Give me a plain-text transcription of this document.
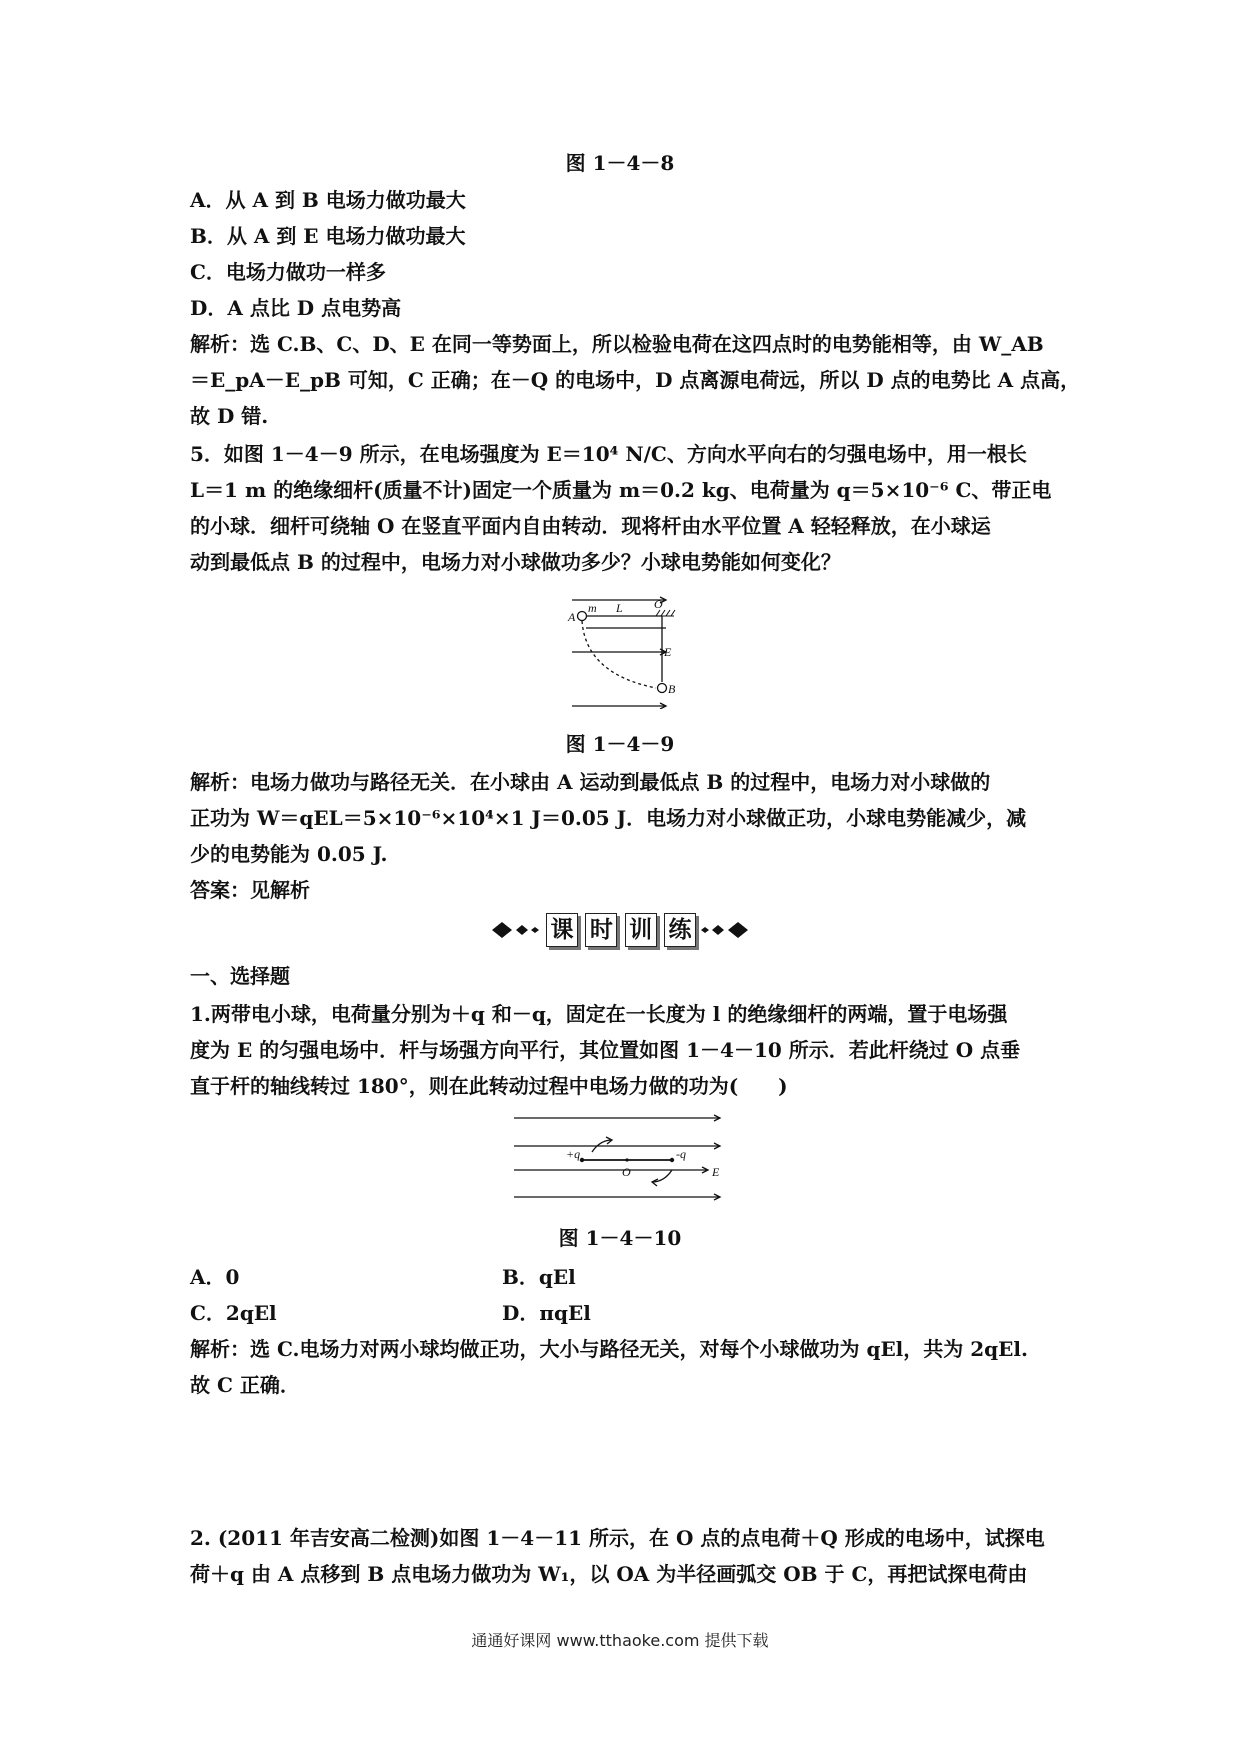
图 1－4－8
A．从 A 到 B 电场力做功最大
B．从 A 到 E 电场力做功最大
C．电场力做功一样多
D．A 点比 D 点电势高
解析：选 C.B、C、D、E 在同一等势面上，所以检验电荷在这四点时的电势能相等，由 W_AB
＝E_pA－E_pB 可知，C 正确；在－Q 的电场中，D 点离源电荷远，所以 D 点的电势比 A 点高，
故 D 错.
5．如图 1－4－9 所示，在电场强度为 E＝10⁴ N/C、方向水平向右的匀强电场中，用一根长
L＝1 m 的绝缘细杆(质量不计)固定一个质量为 m＝0.2 kg、电荷量为 q＝5×10⁻⁶ C、带正电
的小球．细杆可绕轴 O 在竖直平面内自由转动．现将杆由水平位置 A 轻轻释放，在小球运
动到最低点 B 的过程中，电场力对小球做功多少？小球电势能如何变化？
m L	O
A
E
B
图 1－4－9
解析：电场力做功与路径无关．在小球由 A 运动到最低点 B 的过程中，电场力对小球做的
正功为 W＝qEL＝5×10⁻⁶×10⁴×1 J＝0.05 J．电场力对小球做正功，小球电势能减少，减
少的电势能为 0.05 J.
答案：见解析
课 时 训 练
一、选择题
1.两带电小球，电荷量分别为＋q 和－q，固定在一长度为 l 的绝缘细杆的两端，置于电场强
度为 E 的匀强电场中．杆与场强方向平行，其位置如图 1－4－10 所示．若此杆绕过 O 点垂
直于杆的轴线转过 180°，则在此转动过程中电场力做的功为(　　)
+q
O
-q
E
图 1－4－10
A．0	B．qEl
C．2qEl	D．πqEl
解析：选 C.电场力对两小球均做正功，大小与路径无关，对每个小球做功为 qEl，共为 2qEl.
故 C 正确．
2. (2011 年吉安高二检测)如图 1－4－11 所示，在 O 点的点电荷＋Q 形成的电场中，试探电
荷＋q 由 A 点移到 B 点电场力做功为 W₁，以 OA 为半径画弧交 OB 于 C，再把试探电荷由
通通好课网 www.tthaoke.com 提供下载
